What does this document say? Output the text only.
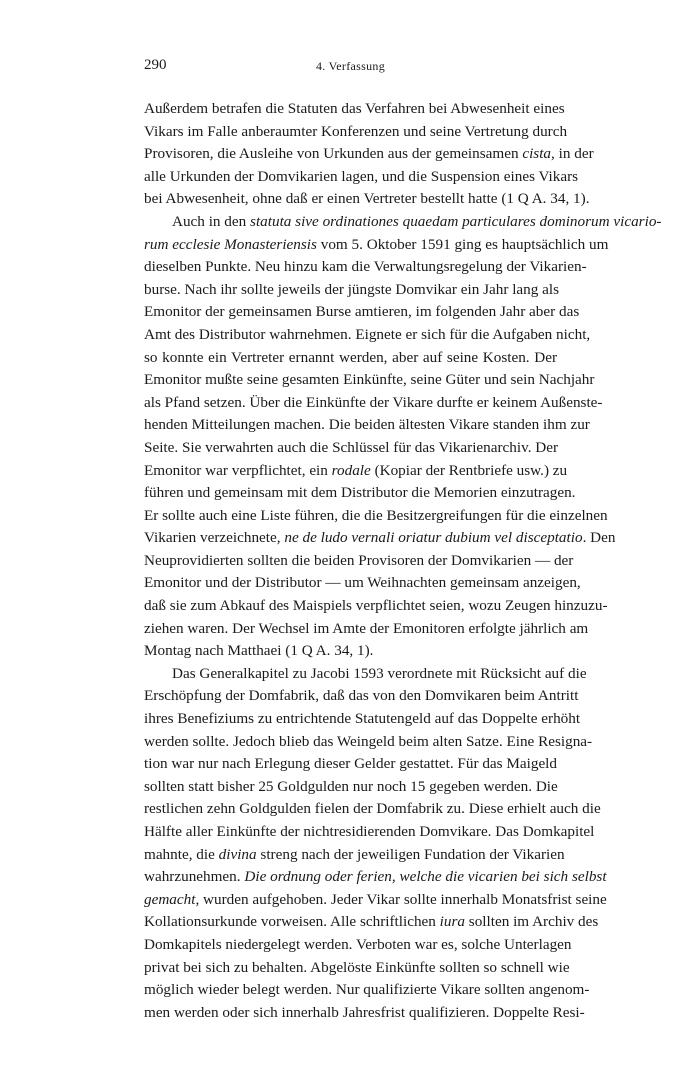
290	4. Verfassung
Außerdem betrafen die Statuten das Verfahren bei Abwesenheit eines
Vikars im Falle anberaumter Konferenzen und seine Vertretung durch
Provisoren, die Ausleihe von Urkunden aus der gemeinsamen cista, in der
alle Urkunden der Domvikarien lagen, und die Suspension eines Vikars
bei Abwesenheit, ohne daß er einen Vertreter bestellt hatte (1 Q A. 34, 1).
Auch in den statuta sive ordinationes quaedam particulares dominorum vicario-
rum ecclesie Monasteriensis vom 5. Oktober 1591 ging es hauptsächlich um
dieselben Punkte. Neu hinzu kam die Verwaltungsregelung der Vikarien-
burse. Nach ihr sollte jeweils der jüngste Domvikar ein Jahr lang als
Emonitor der gemeinsamen Burse amtieren, im folgenden Jahr aber das
Amt des Distributor wahrnehmen. Eignete er sich für die Aufgaben nicht,
so konnte ein Vertreter ernannt werden, aber auf seine Kosten. Der
Emonitor mußte seine gesamten Einkünfte, seine Güter und sein Nachjahr
als Pfand setzen. Über die Einkünfte der Vikare durfte er keinem Außenste-
henden Mitteilungen machen. Die beiden ältesten Vikare standen ihm zur
Seite. Sie verwahrten auch die Schlüssel für das Vikarienarchiv. Der
Emonitor war verpflichtet, ein rodale (Kopiar der Rentbriefe usw.) zu
führen und gemeinsam mit dem Distributor die Memorien einzutragen.
Er sollte auch eine Liste führen, die die Besitzergreifungen für die einzelnen
Vikarien verzeichnete, ne de ludo vernali oriatur dubium vel disceptatio. Den
Neuprovidierten sollten die beiden Provisoren der Domvikarien — der
Emonitor und der Distributor — um Weihnachten gemeinsam anzeigen,
daß sie zum Abkauf des Maispiels verpflichtet seien, wozu Zeugen hinzuzu-
ziehen waren. Der Wechsel im Amte der Emonitoren erfolgte jährlich am
Montag nach Matthaei (1 Q A. 34, 1).
Das Generalkapitel zu Jacobi 1593 verordnete mit Rücksicht auf die
Erschöpfung der Domfabrik, daß das von den Domvikaren beim Antritt
ihres Benefiziums zu entrichtende Statutengeld auf das Doppelte erhöht
werden sollte. Jedoch blieb das Weingeld beim alten Satze. Eine Resigna-
tion war nur nach Erlegung dieser Gelder gestattet. Für das Maigeld
sollten statt bisher 25 Goldgulden nur noch 15 gegeben werden. Die
restlichen zehn Goldgulden fielen der Domfabrik zu. Diese erhielt auch die
Hälfte aller Einkünfte der nichtresidierenden Domvikare. Das Domkapitel
mahnte, die divina streng nach der jeweiligen Fundation der Vikarien
wahrzunehmen. Die ordnung oder ferien, welche die vicarien bei sich selbst
gemacht, wurden aufgehoben. Jeder Vikar sollte innerhalb Monatsfrist seine
Kollationsurkunde vorweisen. Alle schriftlichen iura sollten im Archiv des
Domkapitels niedergelegt werden. Verboten war es, solche Unterlagen
privat bei sich zu behalten. Abgelöste Einkünfte sollten so schnell wie
möglich wieder belegt werden. Nur qualifizierte Vikare sollten angenom-
men werden oder sich innerhalb Jahresfrist qualifizieren. Doppelte Resi-
